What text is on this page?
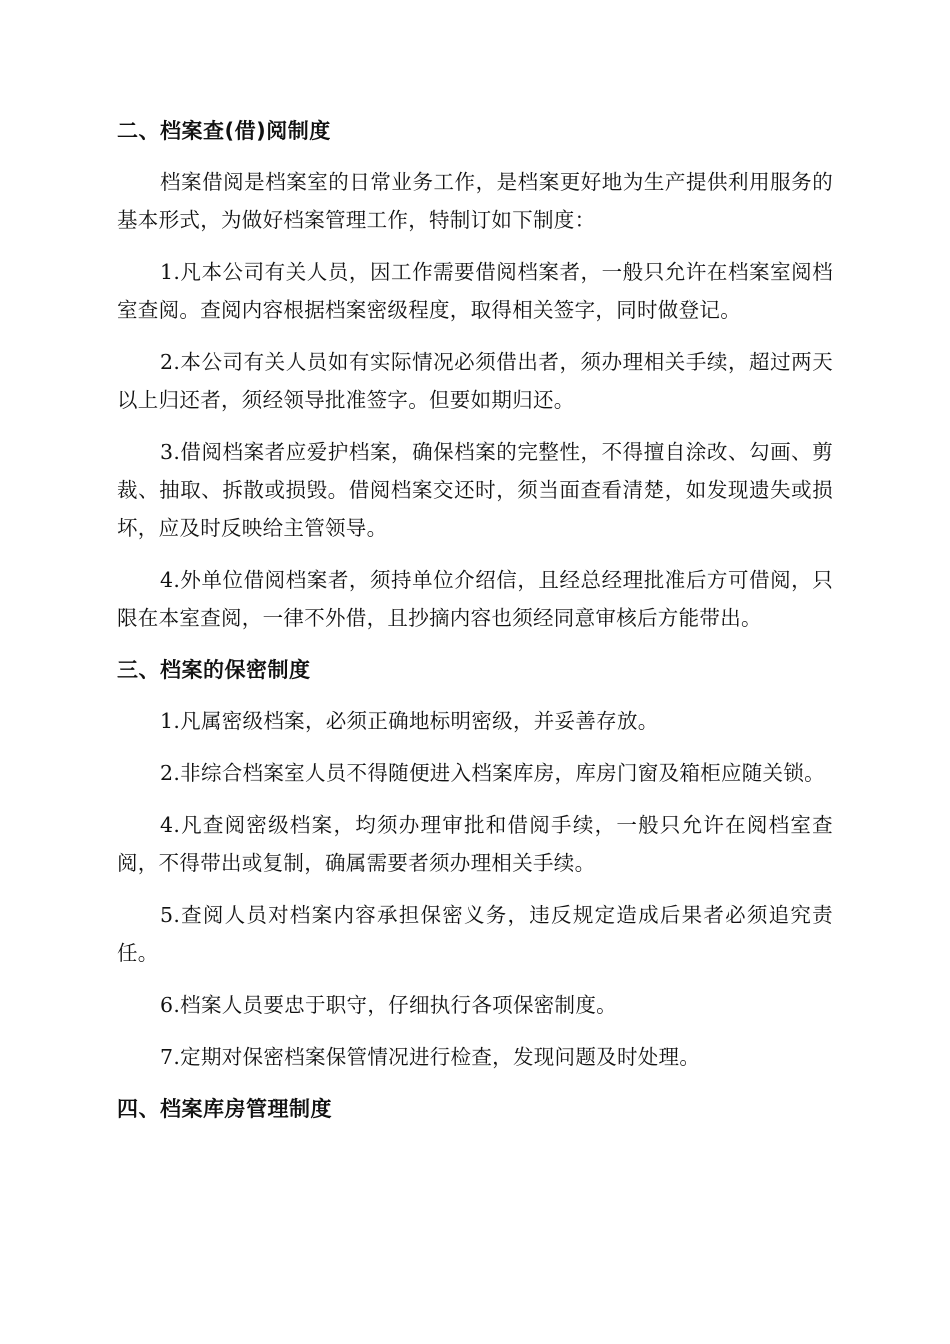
二、档案查(借)阅制度

档案借阅是档案室的日常业务工作，是档案更好地为生产提供利用服务的基本形式，为做好档案管理工作，特制订如下制度：

1.凡本公司有关人员，因工作需要借阅档案者，一般只允许在档案室阅档室查阅。查阅内容根据档案密级程度，取得相关签字，同时做登记。

2.本公司有关人员如有实际情况必须借出者，须办理相关手续，超过两天以上归还者，须经领导批准签字。但要如期归还。

3.借阅档案者应爱护档案，确保档案的完整性，不得擅自涂改、勾画、剪裁、抽取、拆散或损毁。借阅档案交还时，须当面查看清楚，如发现遗失或损坏，应及时反映给主管领导。

4.外单位借阅档案者，须持单位介绍信，且经总经理批准后方可借阅，只限在本室查阅，一律不外借，且抄摘内容也须经同意审核后方能带出。

三、档案的保密制度

1.凡属密级档案，必须正确地标明密级，并妥善存放。

2.非综合档案室人员不得随便进入档案库房，库房门窗及箱柜应随关锁。

4.凡查阅密级档案，均须办理审批和借阅手续，一般只允许在阅档室查阅，不得带出或复制，确属需要者须办理相关手续。

5.查阅人员对档案内容承担保密义务，违反规定造成后果者必须追究责任。

6.档案人员要忠于职守，仔细执行各项保密制度。

7.定期对保密档案保管情况进行检查，发现问题及时处理。

四、档案库房管理制度
